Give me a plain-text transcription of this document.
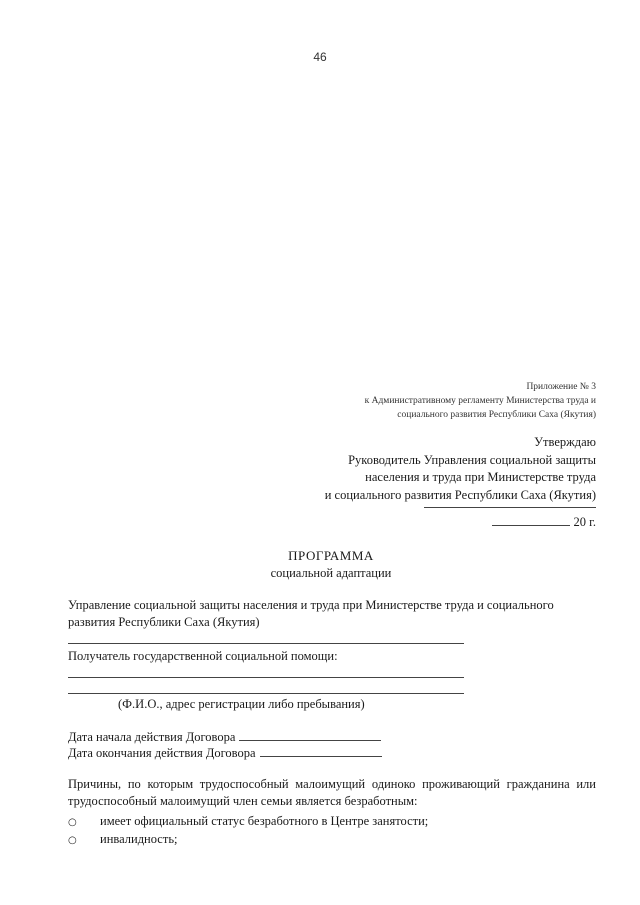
46
Приложение № 3
к Административному регламенту Министерства труда и
социального развития Республики Саха (Якутия)
Утверждаю
Руководитель Управления социальной защиты
населения и труда при Министерстве труда
и социального развития Республики Саха (Якутия)
20 г.
ПРОГРАММА
социальной адаптации
Управление социальной защиты населения и труда при Министерстве труда и социального развития Республики Саха (Якутия)
Получатель государственной социальной помощи:
(Ф.И.О., адрес регистрации либо пребывания)
Дата начала действия Договора
Дата окончания действия Договора
Причины, по которым трудоспособный малоимущий одиноко проживающий гражданина или трудоспособный малоимущий член семьи является безработным:
○ имеет официальный статус безработного в Центре занятости;
○ инвалидность;
